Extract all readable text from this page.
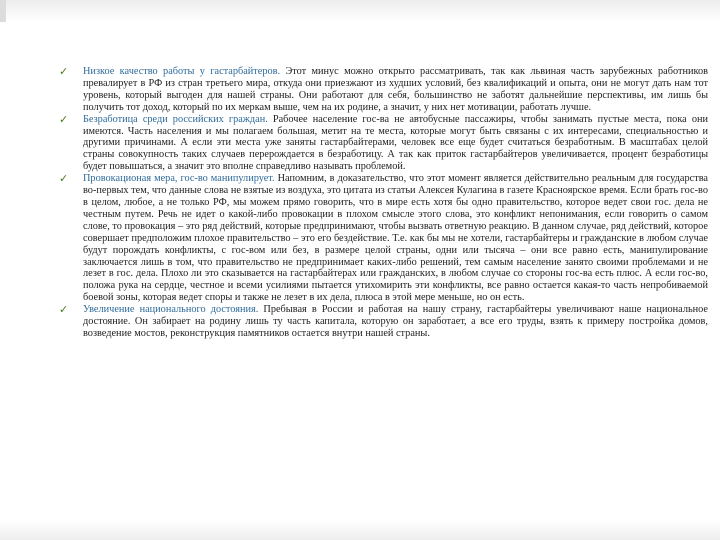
✓	Низкое качество работы у гастарбайтеров. Этот минус можно открыто рассматривать, так как львиная часть зарубежных работников превалирует в РФ из стран третьего мира, откуда они приезжают из худших условий, без квалификаций и опыта, они не могут дать нам тот уровень, который выгоден для нашей страны. Они работают для себя, большинство не заботят дальнейшие перспективы, им лишь бы получить тот доход, который по их меркам выше, чем на их родине, а значит, у них нет мотивации, работать лучше.

✓	Безработица среди российских граждан. Рабочее население гос-ва не автобусные пассажиры, чтобы занимать пустые места, пока они имеются. Часть населения и мы полагаем большая, метит на те места, которые могут быть связаны с их интересами, специальностью и другими причинами. А если эти места уже заняты гастарбайтерами, человек все еще будет считаться безработным. В масштабах целой страны совокупность таких случаев перерождается в безработицу. А так как приток гастарбайтеров увеличивается, процент безработицы будет повышаться, а значит это вполне справедливо называть проблемой.

✓	Провокационая мера, гос-во манипулирует. Напомним, в доказательство, что этот момент является действительно реальным для государства во-первых тем, что данные слова не взятые из воздуха, это цитата из статьи Алексея Кулагина в газете Красноярское время. Если брать гос-во в целом, любое, а не только РФ, мы можем прямо говорить, что в мире есть хотя бы одно правительство, которое ведет свои гос. дела не честным путем. Речь не идет о какой-либо провокации в плохом смысле этого слова, это конфликт непонимания, если говорить о самом слове, то провокация – это ряд действий, которые предпринимают, чтобы вызвать ответную реакцию. В данном случае, ряд действий, которое совершает предположим плохое правительство – это его бездействие. Т.е. как бы мы не хотели, гастарбайтеры и гражданские в любом случае будут порождать конфликты, с гос-вом или без, в размере целой страны, одни или тысяча – они все равно есть, манипулирование заключается лишь в том, что правительство не предпринимает каких-либо решений, тем самым население занято своими проблемами и не лезет в гос. дела. Плохо ли это сказывается на гастарбайтерах или гражданских, в любом случае со стороны гос-ва есть плюс. А если гос-во, положа рука на сердце, честное и всеми усилиями пытается утихомирить эти конфликты, все равно остается какая-то часть непробиваемой боевой зоны, которая ведет споры и также не лезет в их дела, плюса в этой мере меньше, но он есть.

✓	Увеличение национального достояния. Пребывая в России и работая на нашу страну, гастарбайтеры увеличивают наше национальное достояние. Он забирает на родину лишь ту часть капитала, которую он заработает, а все его труды, взять к примеру постройка домов, возведение мостов, реконструкция памятников остается внутри нашей страны.
